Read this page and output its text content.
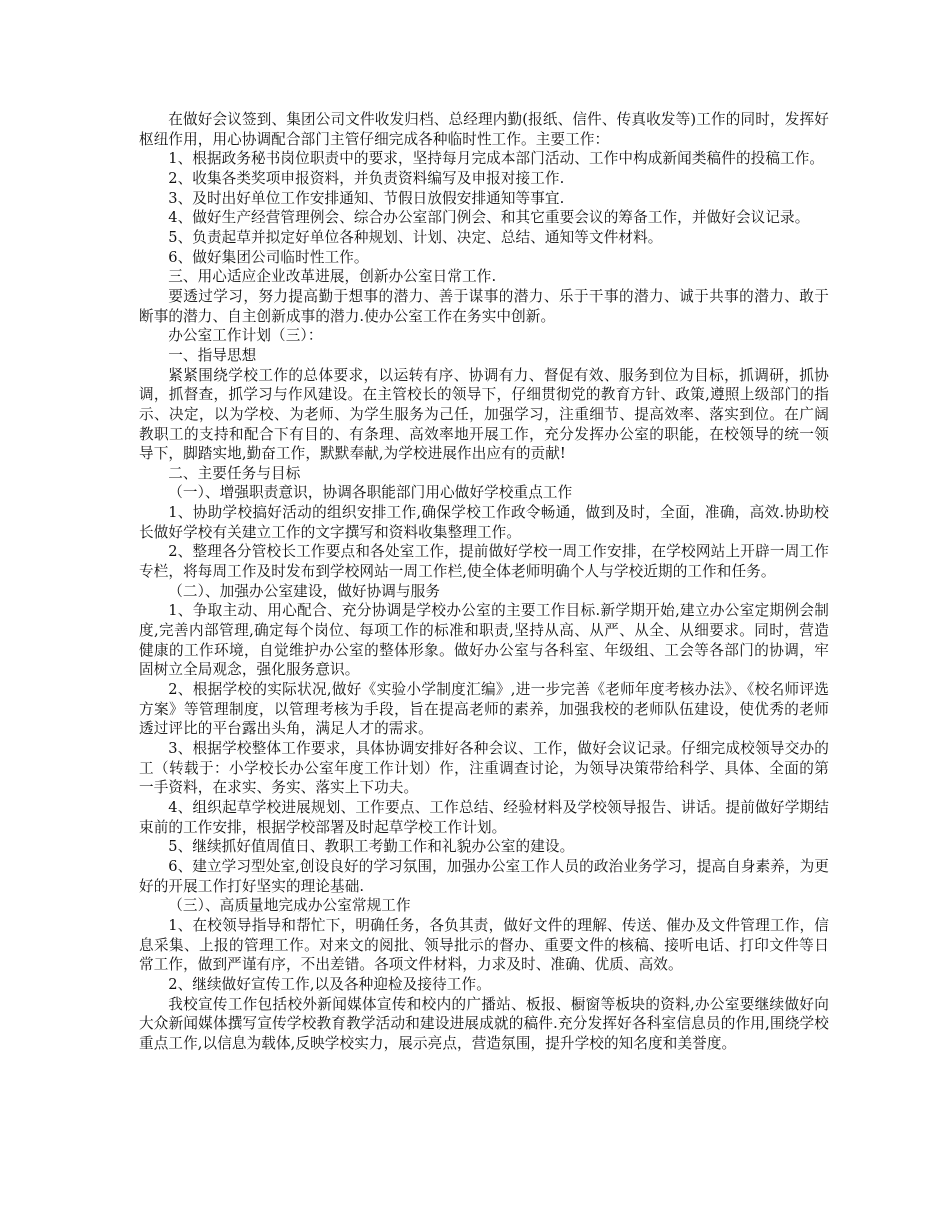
在做好会议签到、集团公司文件收发归档、总经理内勤(报纸、信件、传真收发等)工作的同时，发挥好枢纽作用，用心协调配合部门主管仔细完成各种临时性工作。主要工作：

1、根据政务秘书岗位职责中的要求，坚持每月完成本部门活动、工作中构成新闻类稿件的投稿工作。

2、收集各类奖项申报资料，并负责资料编写及申报对接工作.

3、及时出好单位工作安排通知、节假日放假安排通知等事宜.

4、做好生产经营管理例会、综合办公室部门例会、和其它重要会议的筹备工作，并做好会议记录。

5、负责起草并拟定好单位各种规划、计划、决定、总结、通知等文件材料。

6、做好集团公司临时性工作。

三、用心适应企业改革进展，创新办公室日常工作.

要透过学习，努力提高勤于想事的潜力、善于谋事的潜力、乐于干事的潜力、诚于共事的潜力、敢于断事的潜力、自主创新成事的潜力.使办公室工作在务实中创新。

办公室工作计划（三）：

一、指导思想

紧紧围绕学校工作的总体要求，以运转有序、协调有力、督促有效、服务到位为目标，抓调研，抓协调，抓督查，抓学习与作风建设。在主管校长的领导下，仔细贯彻党的教育方针、政策,遵照上级部门的指示、决定，以为学校、为老师、为学生服务为己任，加强学习，注重细节、提高效率、落实到位。在广阔教职工的支持和配合下有目的、有条理、高效率地开展工作，充分发挥办公室的职能，在校领导的统一领导下，脚踏实地,勤奋工作，默默奉献,为学校进展作出应有的贡献!

二、主要任务与目标

（一）、增强职责意识，协调各职能部门用心做好学校重点工作

1、协助学校搞好活动的组织安排工作,确保学校工作政令畅通，做到及时，全面，准确，高效.协助校长做好学校有关建立工作的文字撰写和资料收集整理工作。

2、整理各分管校长工作要点和各处室工作，提前做好学校一周工作安排，在学校网站上开辟一周工作专栏，将每周工作及时发布到学校网站一周工作栏,使全体老师明确个人与学校近期的工作和任务。

（二）、加强办公室建设，做好协调与服务

1、争取主动、用心配合、充分协调是学校办公室的主要工作目标.新学期开始,建立办公室定期例会制度,完善内部管理,确定每个岗位、每项工作的标准和职责,坚持从高、从严、从全、从细要求。同时，营造健康的工作环境，自觉维护办公室的整体形象。做好办公室与各科室、年级组、工会等各部门的协调，牢固树立全局观念，强化服务意识。

2、根据学校的实际状况,做好《实验小学制度汇编》,进一步完善《老师年度考核办法》、《校名师评选方案》等管理制度，以管理考核为手段，旨在提高老师的素养，加强我校的老师队伍建设，使优秀的老师透过评比的平台露出头角，满足人才的需求。

3、根据学校整体工作要求，具体协调安排好各种会议、工作，做好会议记录。仔细完成校领导交办的工（转载于：小学校长办公室年度工作计划）作，注重调查讨论，为领导决策带给科学、具体、全面的第一手资料，在求实、务实、落实上下功夫。

4、组织起草学校进展规划、工作要点、工作总结、经验材料及学校领导报告、讲话。提前做好学期结束前的工作安排，根据学校部署及时起草学校工作计划。

5、继续抓好值周值日、教职工考勤工作和礼貌办公室的建设。

6、建立学习型处室,创设良好的学习氛围，加强办公室工作人员的政治业务学习，提高自身素养，为更好的开展工作打好坚实的理论基础.

（三）、高质量地完成办公室常规工作

1、在校领导指导和帮忙下，明确任务，各负其责，做好文件的理解、传送、催办及文件管理工作，信息采集、上报的管理工作。对来文的阅批、领导批示的督办、重要文件的核稿、接听电话、打印文件等日常工作，做到严谨有序，不出差错。各项文件材料，力求及时、准确、优质、高效。

2、继续做好宣传工作,以及各种迎检及接待工作。

我校宣传工作包括校外新闻媒体宣传和校内的广播站、板报、橱窗等板块的资料,办公室要继续做好向大众新闻媒体撰写宣传学校教育教学活动和建设进展成就的稿件.充分发挥好各科室信息员的作用,围绕学校重点工作,以信息为载体,反映学校实力，展示亮点，营造氛围，提升学校的知名度和美誉度。
